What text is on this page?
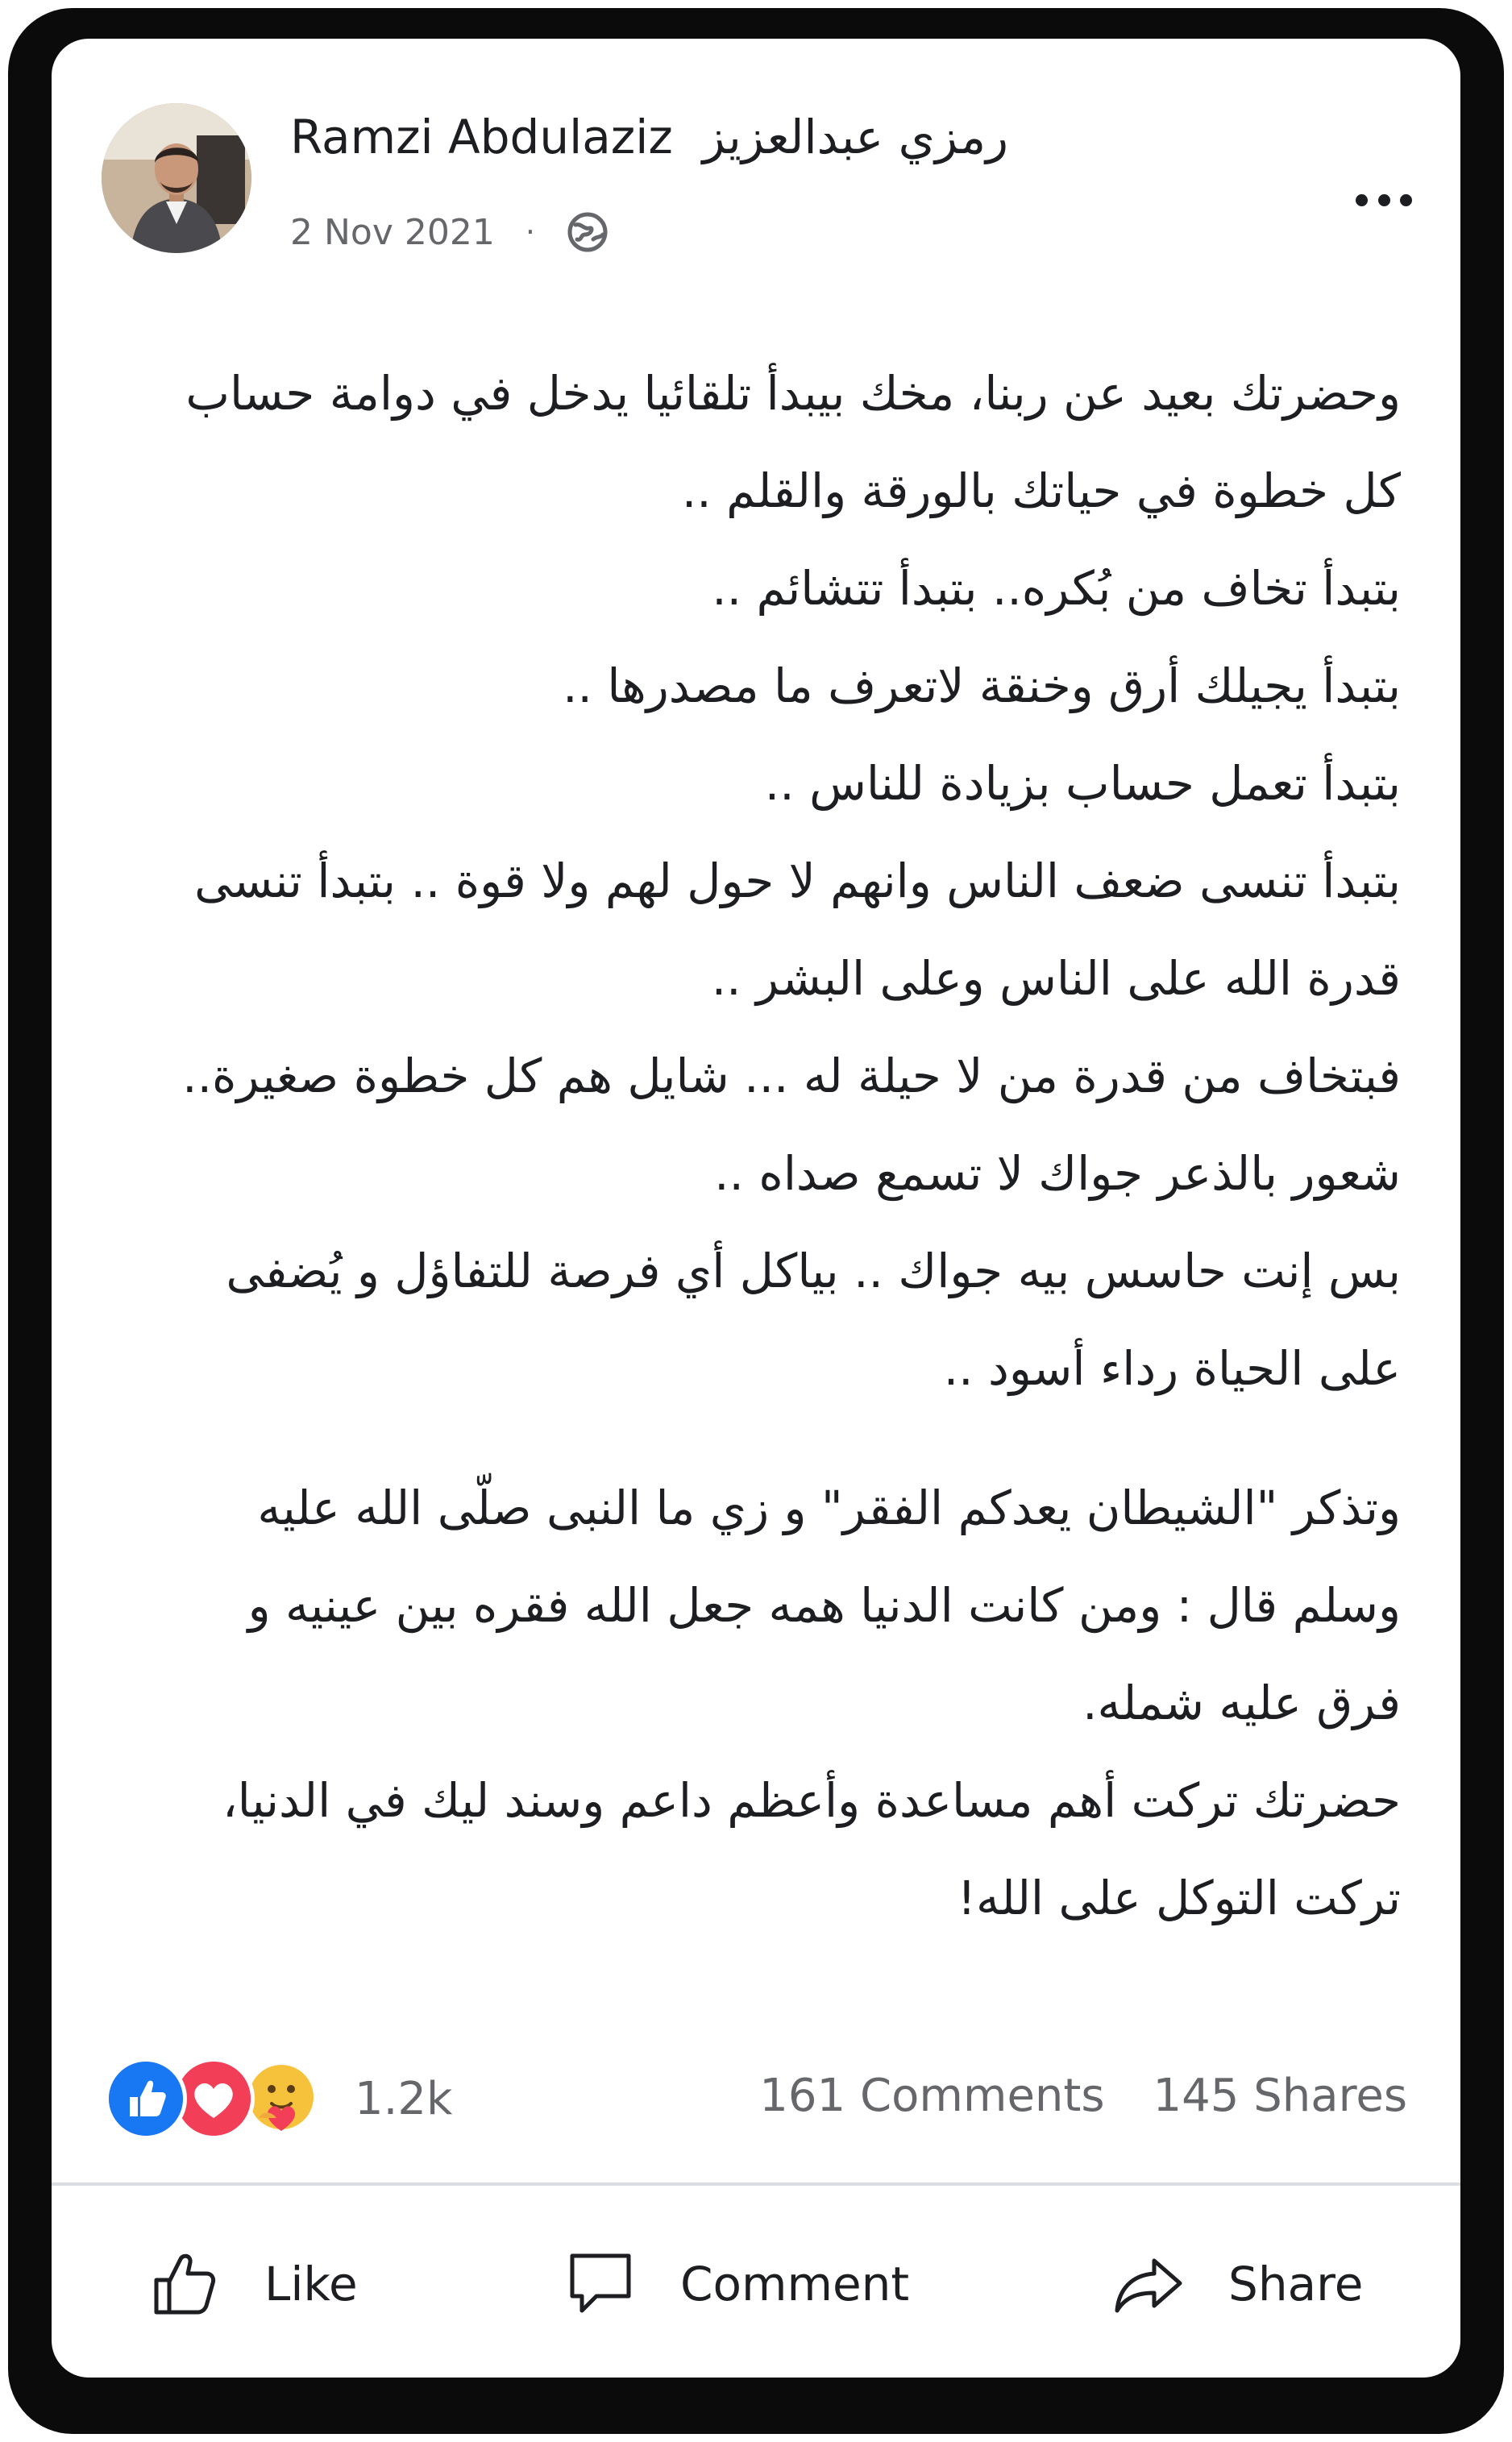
Ramzi Abdulaziz رمزي عبدالعزيز
2 Nov 2021 ·

وحضرتك بعيد عن ربنا، مخك بيبدأ تلقائيا يدخل في دوامة حساب

كل خطوة في حياتك بالورقة والقلم ..

بتبدأ تخاف من بُكره.. بتبدأ تتشائم ..

بتبدأ يجيلك أرق وخنقة لاتعرف ما مصدرها ..

بتبدأ تعمل حساب بزيادة للناس ..

بتبدأ تنسى ضعف الناس وانهم لا حول لهم ولا قوة .. بتبدأ تنسى

قدرة الله على الناس وعلى البشر ..

فبتخاف من قدرة من لا حيلة له ... شايل هم كل خطوة صغيرة..

شعور بالذعر جواك لا تسمع صداه ..

بس إنت حاسس بيه جواك .. بياكل أي فرصة للتفاؤل و يُضفى

على الحياة رداء أسود ..

وتذكر "الشيطان يعدكم الفقر" و زي ما النبى صلّى الله عليه

وسلم قال : ومن كانت الدنيا همه جعل الله فقره بين عينيه و

فرق عليه شمله.

حضرتك تركت أهم مساعدة وأعظم داعم وسند ليك في الدنيا،

تركت التوكل على الله!

1.2k	161 Comments 145 Shares
Like	Comment	Share
